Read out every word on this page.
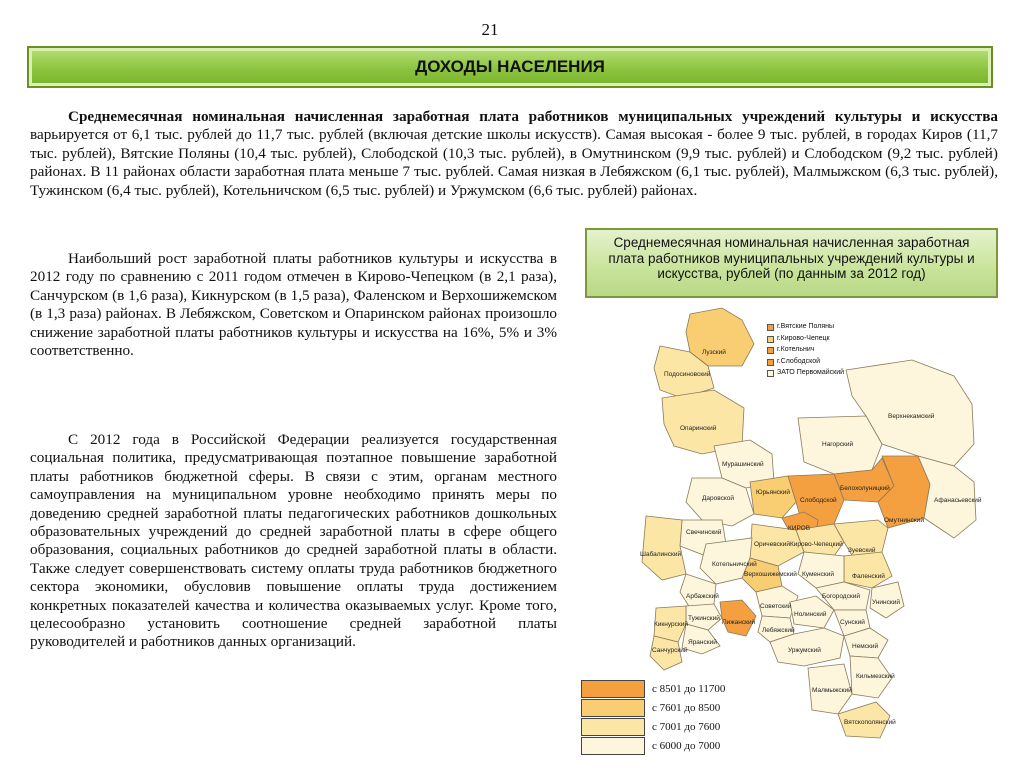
21
ДОХОДЫ НАСЕЛЕНИЯ

Среднемесячная номинальная начисленная заработная плата работников муниципальных учреждений культуры и искусства варьируется от 6,1 тыс. рублей до 11,7 тыс. рублей (включая детские школы искусств). Самая высокая - более 9 тыс. рублей, в городах Киров (11,7 тыс. рублей), Вятские Поляны (10,4 тыс. рублей), Слободской (10,3 тыс. рублей), в Омутнинском (9,9 тыс. рублей) и Слободском (9,2 тыс. рублей) районах. В 11 районах области заработная плата меньше 7 тыс. рублей. Самая низкая в Лебяжском (6,1 тыс. рублей), Малмыжском (6,3 тыс. рублей), Тужинском (6,4 тыс. рублей), Котельничском (6,5 тыс. рублей) и Уржумском (6,6 тыс. рублей) районах.

Наибольший рост заработной платы работников культуры и искусства в 2012 году по сравнению с 2011 годом отмечен в Кирово-Чепецком (в 2,1 раза), Санчурском (в 1,6 раза), Кикнурском (в 1,5 раза), Фаленском и Верхошижемском (в 1,3 раза) районах. В Лебяжском, Советском и Опаринском районах произошло снижение заработной платы работников культуры и искусства на 16%, 5% и 3% соответственно.

С 2012 года в Российской Федерации реализуется государственная социальная политика, предусматривающая поэтапное повышение заработной платы работников бюджетной сферы. В связи с этим, органам местного самоуправления на муниципальном уровне необходимо принять меры по доведению средней заработной платы педагогических работников дошкольных образовательных учреждений до средней заработной платы в сфере общего образования, социальных работников до средней заработной платы в области. Также следует совершенствовать систему оплаты труда работников бюджетного сектора экономики, обусловив повышение оплаты труда достижением конкретных показателей качества и количества оказываемых услуг. Кроме того, целесообразно установить соотношение средней заработной платы руководителей и работников данных организаций.

Среднемесячная номинальная начисленная заработная плата работников муниципальных учреждений культуры и искусства, рублей (по данным за 2012 год)
Лузский
Подосиновский
Опаринский
Верхнекамский
Нагорский
Мурашинский
Белохолуницкий
Омутнинский
Афанасьевский
Юрьянский
Слободской
Даровской
Свечинский
Шабалинский
КИРОВ
Кирово-Чепецкий
Зуевский
Оричевский
Верхошижемский
Котельничский
Фаленский
Куменский
Арбажский
Советский
Унинский
Богородский
Тужинский
Нолинский
Лебяжский
Сунский
Кикнурский
Яранский
Пижанский
Немский
Санчурский	Уржумский
Кильмезский
Малмыжский
Вятскополянский
г.Вятские Поляны
г.Кирово-Чепецк
г.Котельнич
г.Слободской
ЗАТО Первомайский
с 8501 до 11700
с 7601 до 8500
с 7001 до 7600
с 6000 до 7000
